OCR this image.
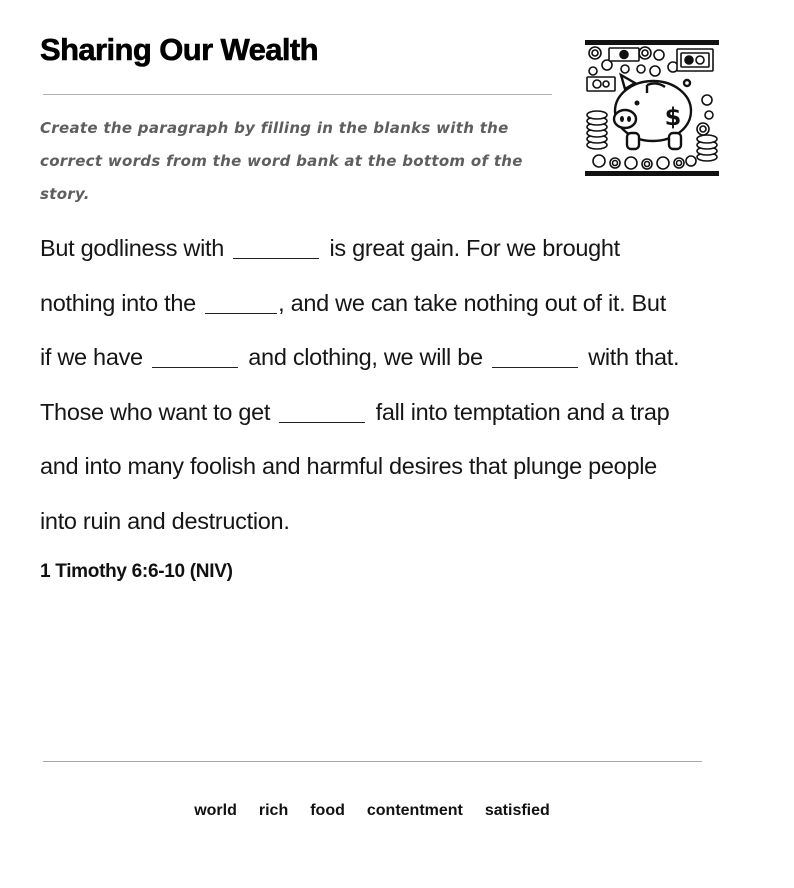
Sharing Our Wealth
Create the paragraph by filling in the blanks with the correct words from the word bank at the bottom of the story.
$
But godliness with	is great gain. For we brought
nothing into the	, and we can take nothing out of it. But
if we have	and clothing, we will be	with that.
Those who want to get	fall into temptation and a trap
and into many foolish and harmful desires that plunge people
into ruin and destruction.
1 Timothy 6:6-10 (NIV)
world rich food contentment satisfied
